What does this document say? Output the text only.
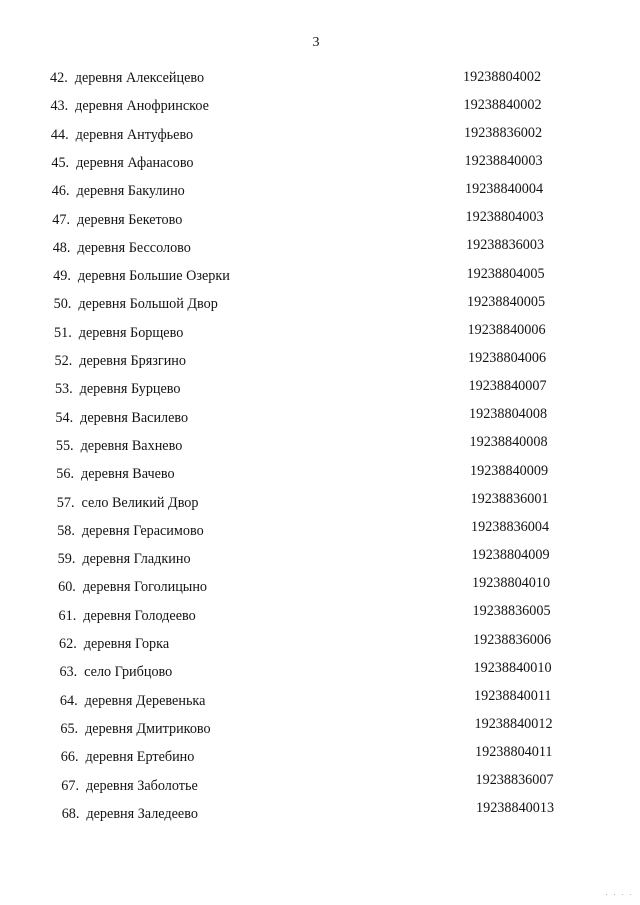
3
42. деревня Алексейцево	19238804002
43. деревня Анофринское	19238840002
44. деревня Антуфьево	19238836002
45. деревня Афанасово	19238840003
46. деревня Бакулино	19238840004
47. деревня Бекетово	19238804003
48. деревня Бессолово	19238836003
49. деревня Большие Озерки	19238804005
50. деревня Большой Двор	19238840005
51. деревня Борщево	19238840006
52. деревня Брязгино	19238804006
53. деревня Бурцево	19238840007
54. деревня Василево	19238804008
55. деревня Вахнево	19238840008
56. деревня Вачево	19238840009
57. село Великий Двор	19238836001
58. деревня Герасимово	19238836004
59. деревня Гладкино	19238804009
60. деревня Гоголицыно	19238804010
61. деревня Голодеево	19238836005
62. деревня Горка	19238836006
63. село Грибцово	19238840010
64. деревня Деревенька	19238840011
65. деревня Дмитриково	19238840012
66. деревня Ертебино	19238804011
67. деревня Заболотье	19238836007
68. деревня Заледеево	19238840013
· · · ·
